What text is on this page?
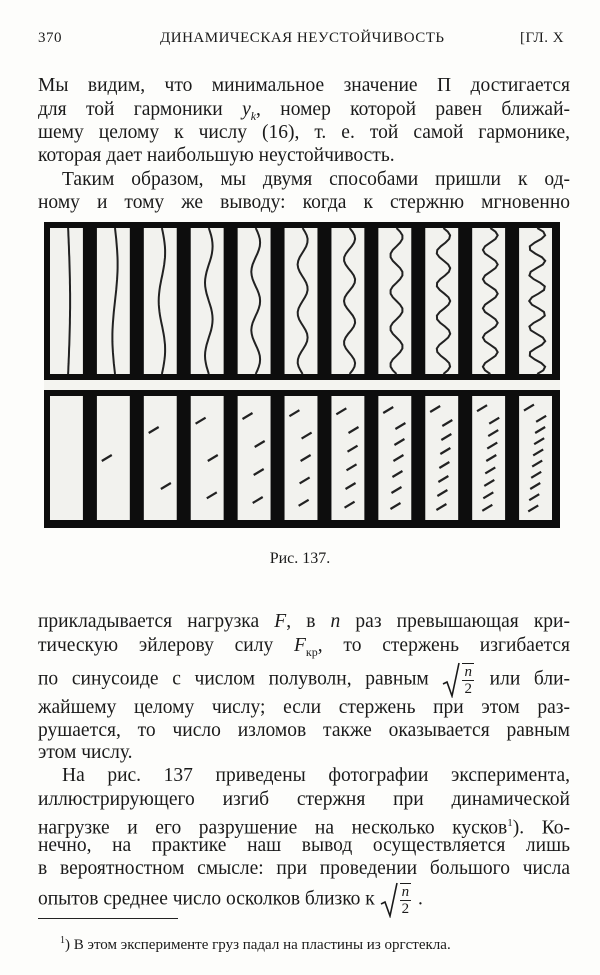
370	ДИНАМИЧЕСКАЯ НЕУСТОЙЧИВОСТЬ	[ГЛ. X
Мы видим, что минимальное значение П достигается
для той гармоники $y_k$, номер которой равен ближай-
шему целому к числу (16), т. е. той самой гармонике,
которая дает наибольшую неустойчивость.
Таким образом, мы двумя способами пришли к од-
ному и тому же выводу: когда к стержню мгновенно
Рис. 137.
прикладывается нагрузка F, в n раз превышающая кри-
тическую эйлерову силу $F_{кр}$, то стержень изгибается
по синусоиде с числом полуволн, равным $\frac{n}{2}$ или бли-
жайшему целому числу; если стержень при этом раз-
рушается, то число изломов также оказывается равным
этом числу.
На рис. 137 приведены фотографии эксперимента,
иллюстрирующего изгиб стержня при динамической
нагрузке и его разрушение на несколько кусков$^1$). Ко-
нечно, на практике наш вывод осуществляется лишь
в вероятностном смысле: при проведении большого числа
опытов среднее число осколков близко к $\frac{n}{2}$ .
$^1$) В этом эксперименте груз падал на пластины из оргстекла.
